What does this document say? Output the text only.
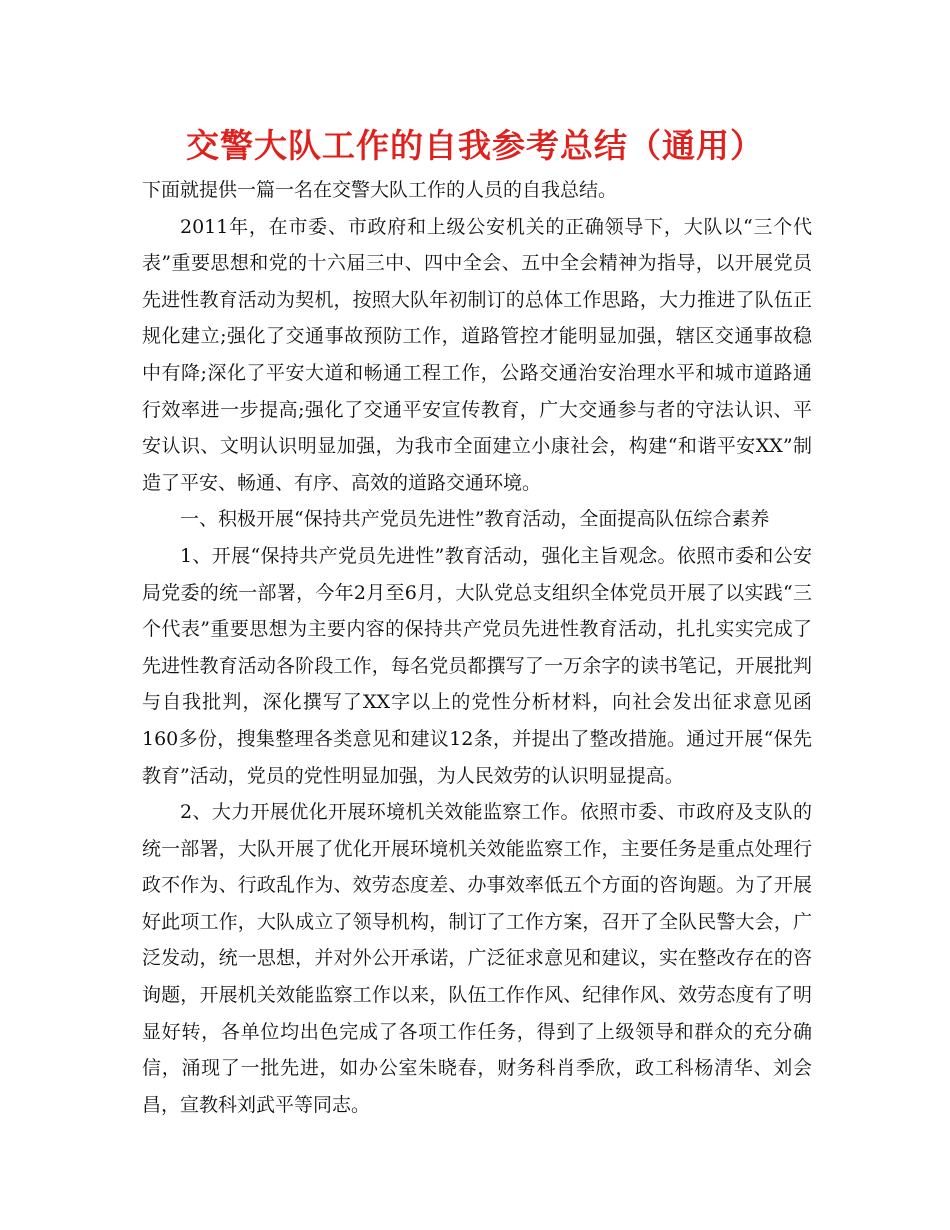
交警大队工作的自我参考总结（通用）

下面就提供一篇一名在交警大队工作的人员的自我总结。

2011年，在市委、市政府和上级公安机关的正确领导下，大队以“三个代表”重要思想和党的十六届三中、四中全会、五中全会精神为指导，以开展党员先进性教育活动为契机，按照大队年初制订的总体工作思路，大力推进了队伍正规化建立;强化了交通事故预防工作，道路管控才能明显加强，辖区交通事故稳中有降;深化了平安大道和畅通工程工作，公路交通治安治理水平和城市道路通行效率进一步提高;强化了交通平安宣传教育，广大交通参与者的守法认识、平安认识、文明认识明显加强，为我市全面建立小康社会，构建“和谐平安XX”制造了平安、畅通、有序、高效的道路交通环境。

一、积极开展“保持共产党员先进性”教育活动，全面提高队伍综合素养

1、开展“保持共产党员先进性”教育活动，强化主旨观念。依照市委和公安局党委的统一部署，今年2月至6月，大队党总支组织全体党员开展了以实践“三个代表”重要思想为主要内容的保持共产党员先进性教育活动，扎扎实实完成了先进性教育活动各阶段工作，每名党员都撰写了一万余字的读书笔记，开展批判与自我批判，深化撰写了XX字以上的党性分析材料，向社会发出征求意见函160多份，搜集整理各类意见和建议12条，并提出了整改措施。通过开展“保先教育”活动，党员的党性明显加强，为人民效劳的认识明显提高。

2、大力开展优化开展环境机关效能监察工作。依照市委、市政府及支队的统一部署，大队开展了优化开展环境机关效能监察工作，主要任务是重点处理行政不作为、行政乱作为、效劳态度差、办事效率低五个方面的咨询题。为了开展好此项工作，大队成立了领导机构，制订了工作方案，召开了全队民警大会，广泛发动，统一思想，并对外公开承诺，广泛征求意见和建议，实在整改存在的咨询题，开展机关效能监察工作以来，队伍工作作风、纪律作风、效劳态度有了明显好转，各单位均出色完成了各项工作任务，得到了上级领导和群众的充分确信，涌现了一批先进，如办公室朱晓春，财务科肖季欣，政工科杨清华、刘会昌，宣教科刘武平等同志。
